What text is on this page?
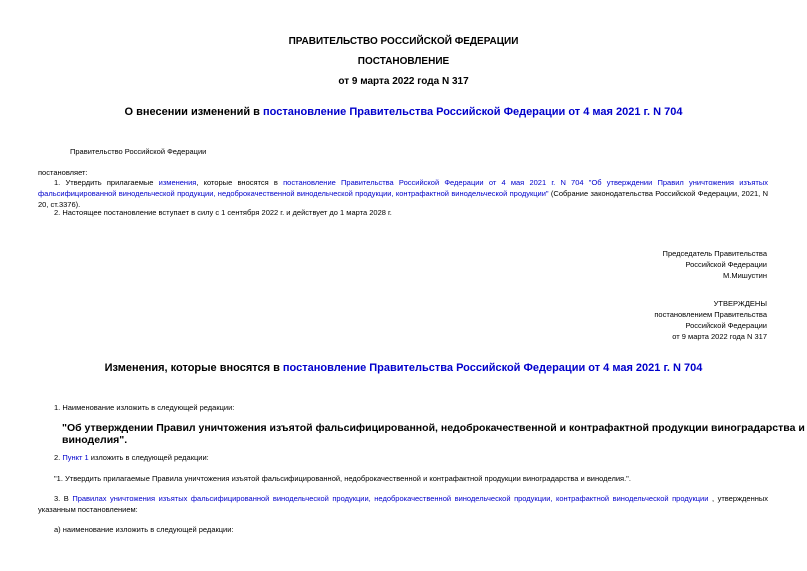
ПРАВИТЕЛЬСТВО РОССИЙСКОЙ ФЕДЕРАЦИИ
ПОСТАНОВЛЕНИЕ
от 9 марта 2022 года N 317
О внесении изменений в постановление Правительства Российской Федерации от 4 мая 2021 г. N 704
Правительство Российской Федерации
постановляет:
1. Утвердить прилагаемые изменения, которые вносятся в постановление Правительства Российской Федерации от 4 мая 2021 г. N 704 "Об утверждении Правил уничтожения изъятых фальсифицированной винодельческой продукции, недоброкачественной винодельческой продукции, контрафактной винодельческой продукции" (Собрание законодательства Российской Федерации, 2021, N 20, ст.3376).
2. Настоящее постановление вступает в силу с 1 сентября 2022 г. и действует до 1 марта 2028 г.
Председатель Правительства
Российской Федерации
М.Мишустин
УТВЕРЖДЕНЫ
постановлением Правительства
Российской Федерации
от 9 марта 2022 года N 317
Изменения, которые вносятся в постановление Правительства Российской Федерации от 4 мая 2021 г. N 704
1. Наименование изложить в следующей редакции:
"Об утверждении Правил уничтожения изъятой фальсифицированной, недоброкачественной и контрафактной продукции виноградарства и виноделия".
2. Пункт 1 изложить в следующей редакции:
"1. Утвердить прилагаемые Правила уничтожения изъятой фальсифицированной, недоброкачественной и контрафактной продукции виноградарства и виноделия.".
3. В Правилах уничтожения изъятых фальсифицированной винодельческой продукции, недоброкачественной винодельческой продукции, контрафактной винодельческой продукции , утвержденных указанным постановлением:
а) наименование изложить в следующей редакции:
